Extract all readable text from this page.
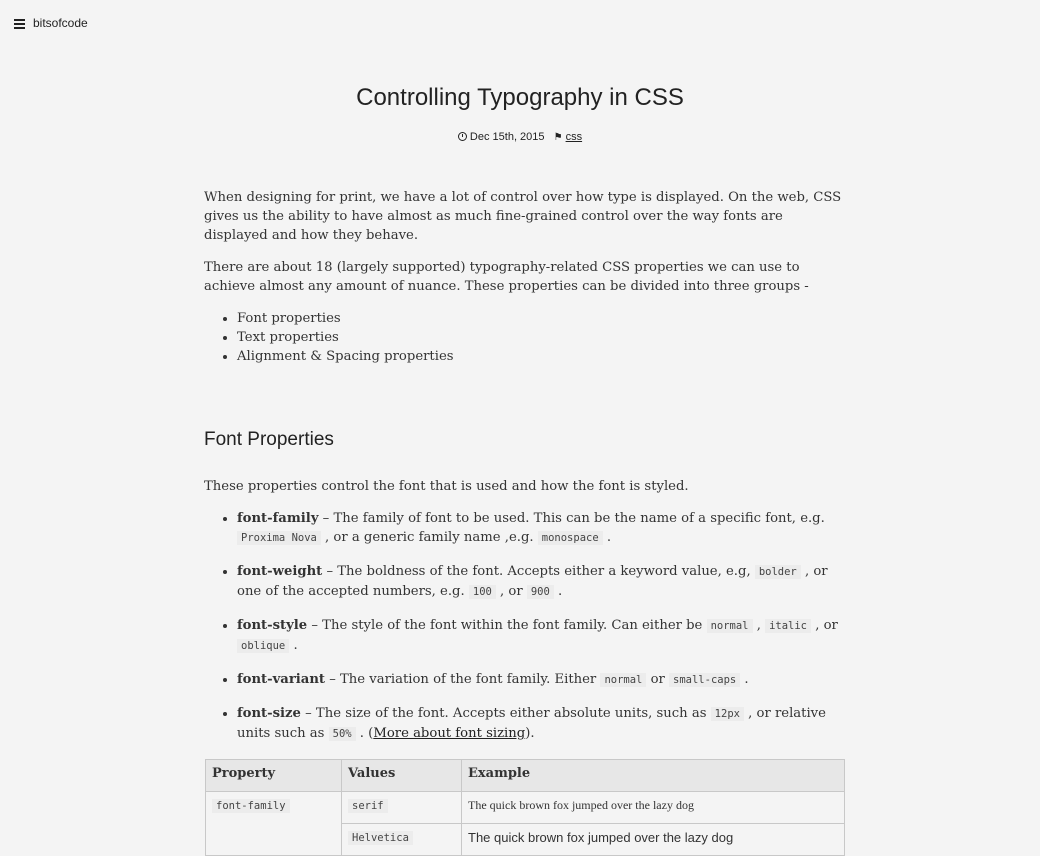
bitsofcode
Controlling Typography in CSS
Dec 15th, 2015 ⚑ css

When designing for print, we have a lot of control over how type is displayed. On the web, CSS gives us the ability to have almost as much fine-grained control over the way fonts are displayed and how they behave.

There are about 18 (largely supported) typography-related CSS properties we can use to achieve almost any amount of nuance. These properties can be divided into three groups -

• Font properties
• Text properties
• Alignment & Spacing properties
Font Properties

These properties control the font that is used and how the font is styled.

• font-family – The family of font to be used. This can be the name of a specific font, e.g. Proxima Nova , or a generic family name ,e.g. monospace .
• font-weight – The boldness of the font. Accepts either a keyword value, e.g, bolder , or one of the accepted numbers, e.g. 100 , or 900 .
• font-style – The style of the font within the font family. Can either be normal , italic , or oblique .
• font-variant – The variation of the font family. Either normal or small-caps .
• font-size – The size of the font. Accepts either absolute units, such as 12px , or relative units such as 50% . (More about font sizing).
Property	Values	Example
font-family	serif	The quick brown fox jumped over the lazy dog
	Helvetica	The quick brown fox jumped over the lazy dog
